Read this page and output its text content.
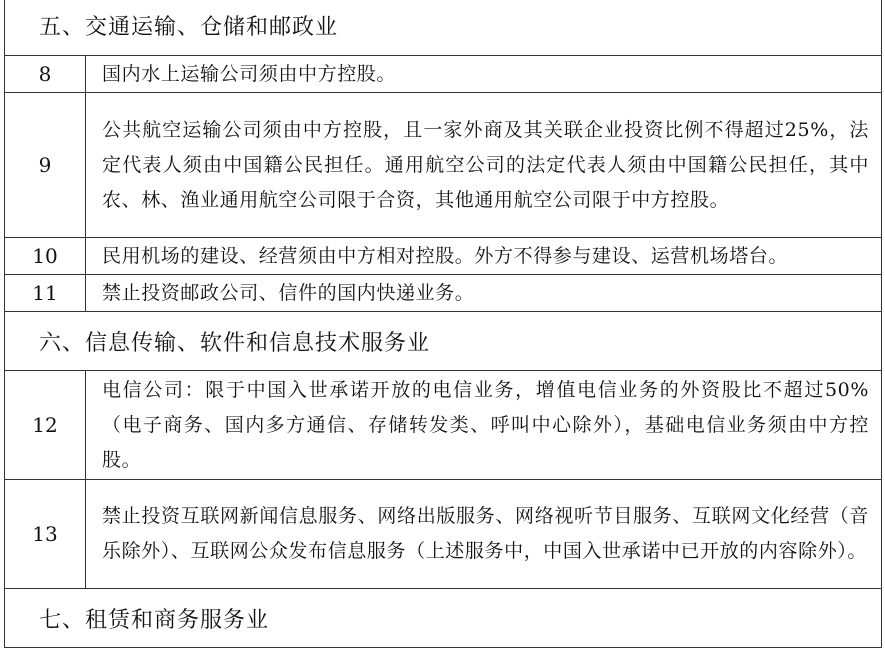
五、交通运输、仓储和邮政业	
8	国内水上运输公司须由中方控股。
9	公共航空运输公司须由中方控股，且一家外商及其关联企业投资比例不得超过25%，法定代表人须由中国籍公民担任。通用航空公司的法定代表人须由中国籍公民担任，其中农、林、渔业通用航空公司限于合资，其他通用航空公司限于中方控股。
10	民用机场的建设、经营须由中方相对控股。外方不得参与建设、运营机场塔台。
11	禁止投资邮政公司、信件的国内快递业务。
六、信息传输、软件和信息技术服务业	
12	电信公司：限于中国入世承诺开放的电信业务，增值电信业务的外资股比不超过50%（电子商务、国内多方通信、存储转发类、呼叫中心除外），基础电信业务须由中方控股。
13	禁止投资互联网新闻信息服务、网络出版服务、网络视听节目服务、互联网文化经营（音乐除外）、互联网公众发布信息服务（上述服务中，中国入世承诺中已开放的内容除外）。
七、租赁和商务服务业	
